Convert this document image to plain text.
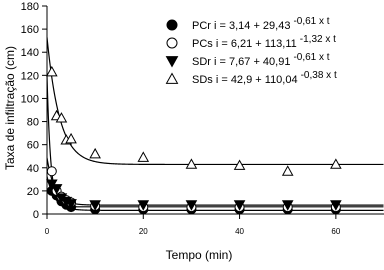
0
20
40
60
80
100
120
140
160
180
0	20	40	60
PCr i = 3,14 + 29,43 -0,61 x t
PCs i = 6,21 + 113,11 -1,32 x t
SDr i = 7,67 + 40,91 -0,61 x t
SDs i = 42,9 + 110,04 -0,38 x t
Tempo (min)
Taxa de infiltração (cm)
